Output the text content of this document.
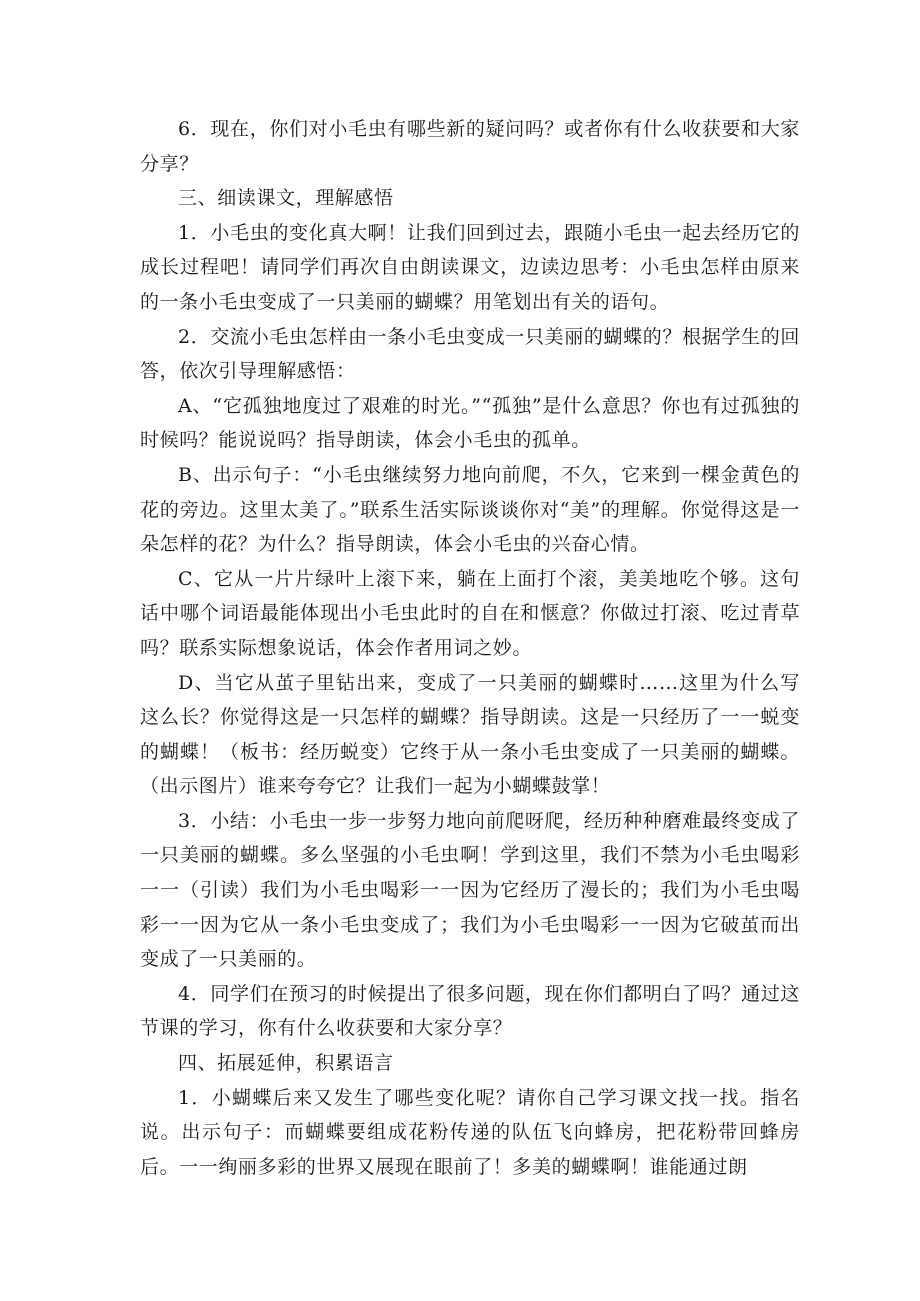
6．现在，你们对小毛虫有哪些新的疑问吗？或者你有什么收获要和大家分享？

三、细读课文，理解感悟

1．小毛虫的变化真大啊！让我们回到过去，跟随小毛虫一起去经历它的成长过程吧！请同学们再次自由朗读课文，边读边思考：小毛虫怎样由原来的一条小毛虫变成了一只美丽的蝴蝶？用笔划出有关的语句。

2．交流小毛虫怎样由一条小毛虫变成一只美丽的蝴蝶的？根据学生的回答，依次引导理解感悟：

A、“它孤独地度过了艰难的时光。”“孤独”是什么意思？你也有过孤独的时候吗？能说说吗？指导朗读，体会小毛虫的孤单。

B、出示句子：“小毛虫继续努力地向前爬，不久，它来到一棵金黄色的花的旁边。这里太美了。”联系生活实际谈谈你对“美”的理解。你觉得这是一朵怎样的花？为什么？指导朗读，体会小毛虫的兴奋心情。

C、它从一片片绿叶上滚下来，躺在上面打个滚，美美地吃个够。这句话中哪个词语最能体现出小毛虫此时的自在和惬意？你做过打滚、吃过青草吗？联系实际想象说话，体会作者用词之妙。

D、当它从茧子里钻出来，变成了一只美丽的蝴蝶时……这里为什么写这么长？你觉得这是一只怎样的蝴蝶？指导朗读。这是一只经历了一一蜕变的蝴蝶！（板书：经历蜕变）它终于从一条小毛虫变成了一只美丽的蝴蝶。（出示图片）谁来夸夸它？让我们一起为小蝴蝶鼓掌！

3．小结：小毛虫一步一步努力地向前爬呀爬，经历种种磨难最终变成了一只美丽的蝴蝶。多么坚强的小毛虫啊！学到这里，我们不禁为小毛虫喝彩一一（引读）我们为小毛虫喝彩一一因为它经历了漫长的；我们为小毛虫喝彩一一因为它从一条小毛虫变成了；我们为小毛虫喝彩一一因为它破茧而出变成了一只美丽的。

4．同学们在预习的时候提出了很多问题，现在你们都明白了吗？通过这节课的学习，你有什么收获要和大家分享？

四、拓展延伸，积累语言

1．小蝴蝶后来又发生了哪些变化呢？请你自己学习课文找一找。指名说。出示句子：而蝴蝶要组成花粉传递的队伍飞向蜂房，把花粉带回蜂房后。一一绚丽多彩的世界又展现在眼前了！多美的蝴蝶啊！谁能通过朗
